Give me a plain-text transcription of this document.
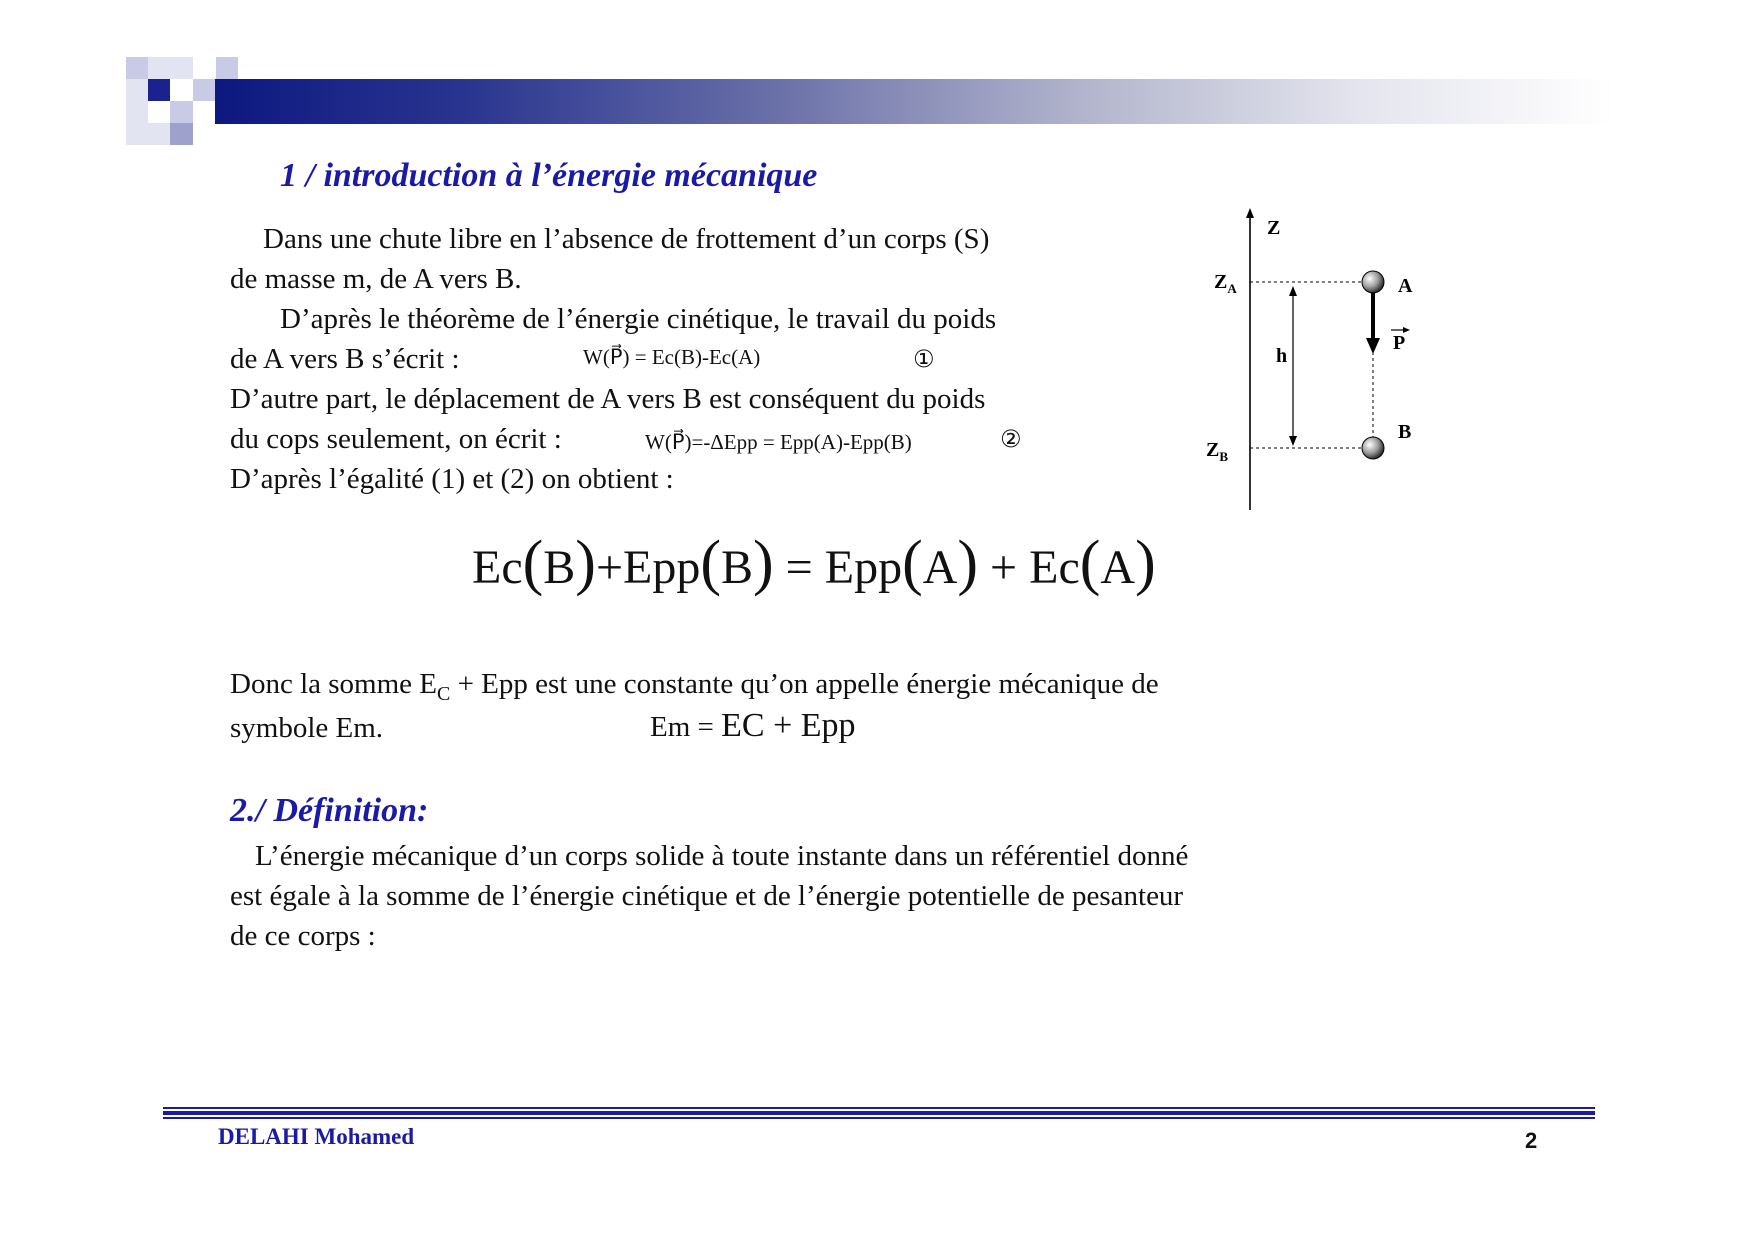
1 / introduction à l’énergie mécanique
Dans une chute libre en l’absence de frottement d’un corps (S)
de masse m, de A vers B.
D’après le théorème de l’énergie cinétique, le travail du poids
de A vers B s’écrit :	W(P⃗) = Ec(B)-Ec(A)	①
D’autre part, le déplacement de A vers B est conséquent du poids
du cops seulement, on écrit :	W(P⃗)=-ΔEpp = Epp(A)-Epp(B)	②
D’après l’égalité (1) et (2) on obtient :
Ec(B)+Epp(B) = Epp(A) + Ec(A)
Donc la somme $E_C$ + Epp est une constante qu’on appelle énergie mécanique de
symbole Em.	Em = EC + Epp
2./ Définition:
L’énergie mécanique d’un corps solide à toute instante dans un référentiel donné
est égale à la somme de l’énergie cinétique et de l’énergie potentielle de pesanteur
de ce corps :
Z
$Z_A$
$Z_B$
h
A
B
P
DELAHI Mohamed	2
